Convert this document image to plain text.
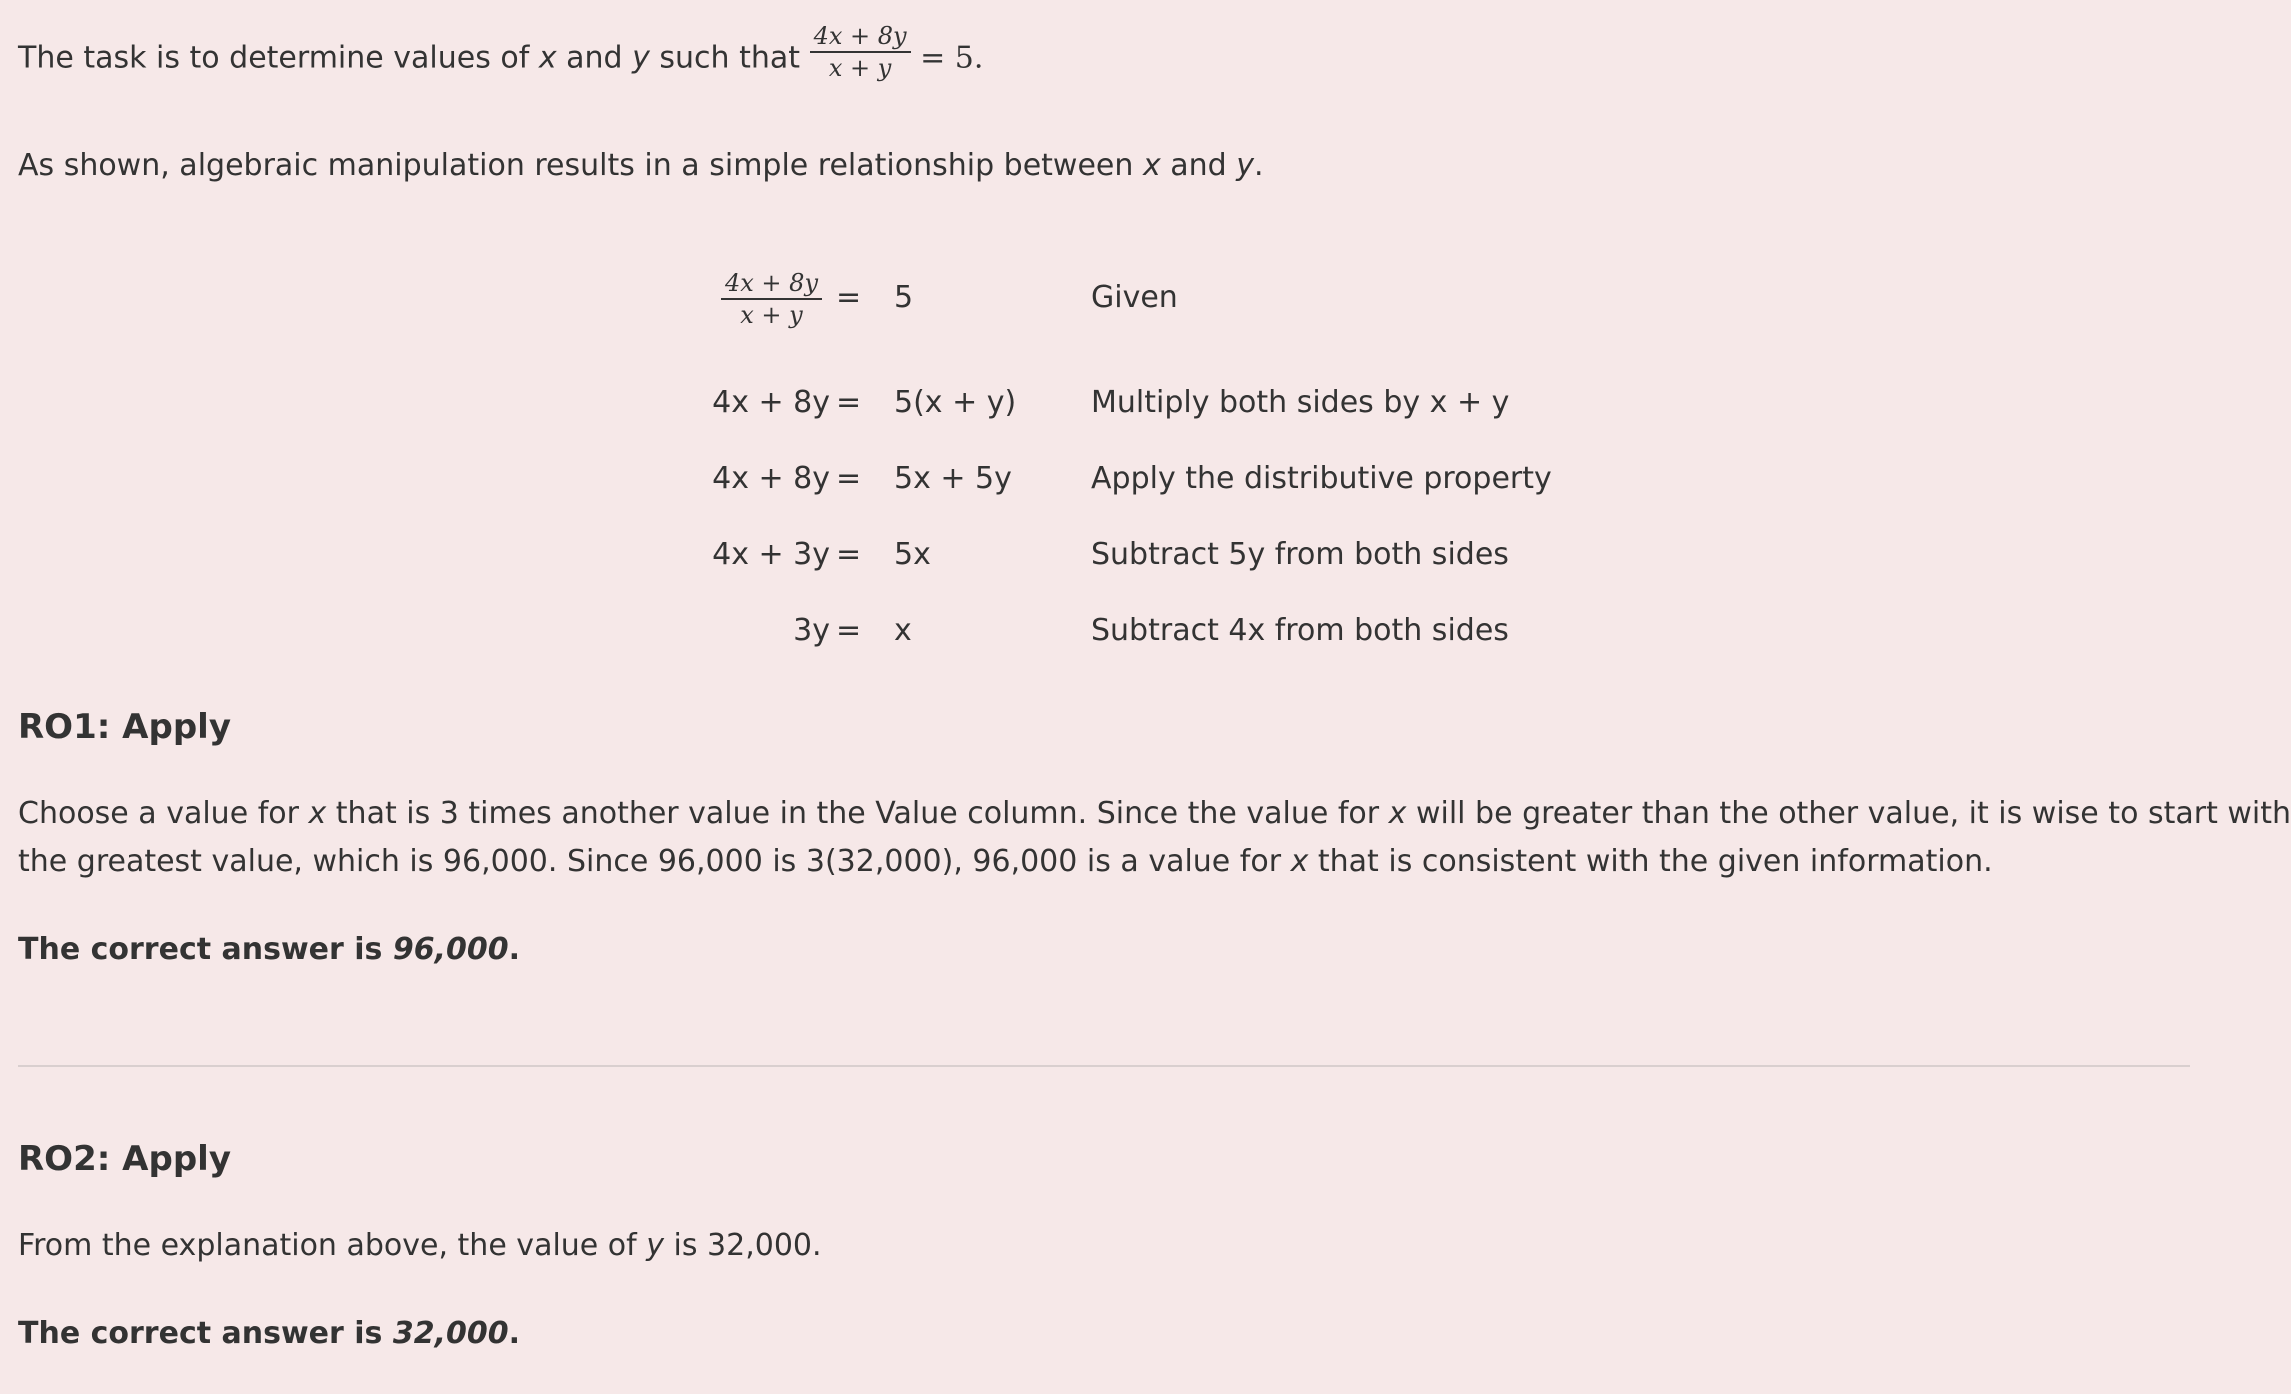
The task is to determine values of x and y such that $\frac{4x + 8y}{x + y} = 5$.
As shown, algebraic manipulation results in a simple relationship between x and y.
$\frac{4x + 8y}{x + y} = 5$	Given
4x + 8y = 5(x + y) Multiply both sides by x + y
4x + 8y = 5x + 5y	Apply the distributive property
4x + 3y = 5x	Subtract 5y from both sides
3y = x	Subtract 4x from both sides
RO1: Apply
Choose a value for x that is 3 times another value in the Value column. Since the value for x will be greater than the other value, it is wise to start with
the greatest value, which is 96,000. Since 96,000 is 3(32,000), 96,000 is a value for x that is consistent with the given information.
The correct answer is 96,000.
RO2: Apply
From the explanation above, the value of y is 32,000.
The correct answer is 32,000.
